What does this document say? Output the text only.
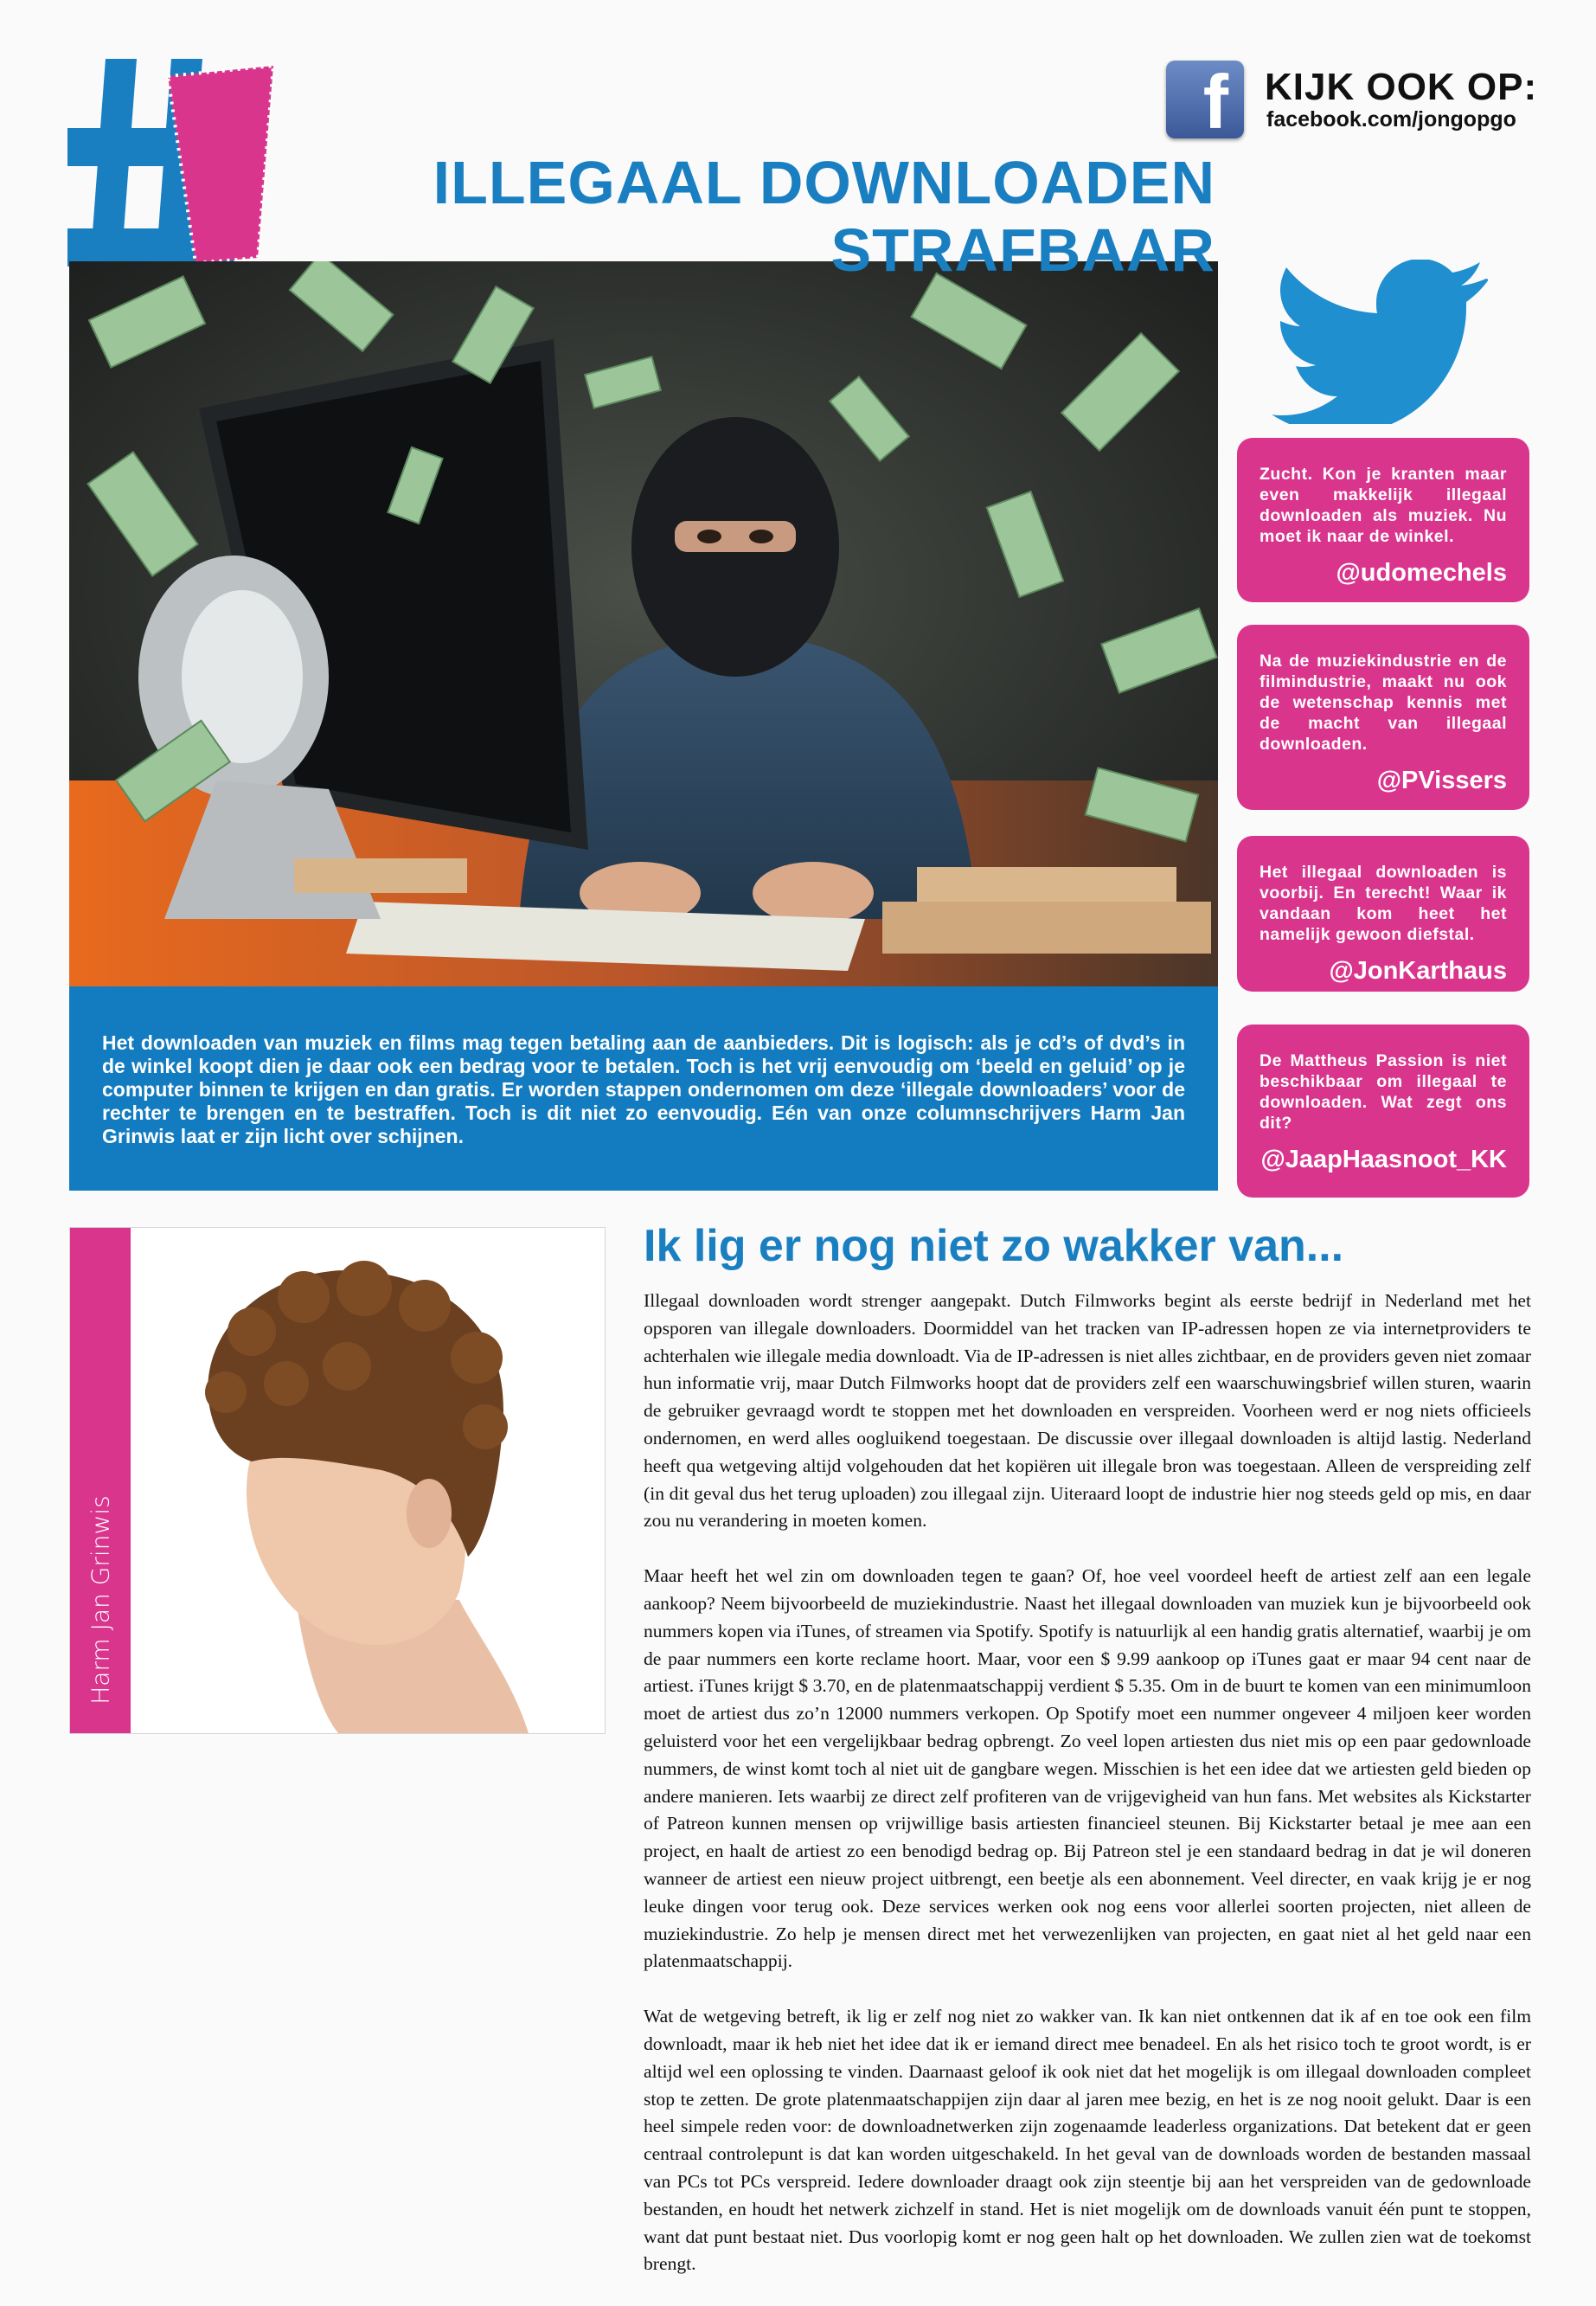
ILLEGAAL DOWNLOADEN
STRAFBAAR
f KIJK OOK OP:
facebook.com/jongopgo

Zucht. Kon je kranten maar even makkelijk illegaal downloaden als muziek. Nu moet ik naar de winkel.

@udomechels

Na de muziekindustrie en de filmindustrie, maakt nu ook de wetenschap kennis met de macht van illegaal downloaden.

@PVissers

Het illegaal downloaden is voorbij. En terecht! Waar ik vandaan kom heet het namelijk gewoon diefstal.

@JonKarthaus

De Mattheus Passion is niet beschikbaar om illegaal te downloaden. Wat zegt ons dit?

@JaapHaasnoot_KK
Het downloaden van muziek en films mag tegen betaling aan de aanbieders. Dit is logisch: als je cd’s of dvd’s in de winkel koopt dien je daar ook een bedrag voor te betalen. Toch is het vrij eenvoudig om ‘beeld en geluid’ op je computer binnen te krijgen en dan gratis. Er worden stappen ondernomen om deze ‘illegale downloaders’ voor de rechter te brengen en te bestraffen. Toch is dit niet zo eenvoudig. Eén van onze columnschrijvers Harm Jan Grinwis laat er zijn licht over schijnen.
Harm Jan Grinwis
Ik lig er nog niet zo wakker van...

Illegaal downloaden wordt strenger aangepakt. Dutch Filmworks begint als eerste bedrijf in Nederland met het opsporen van illegale downloaders. Doormiddel van het tracken van IP-adressen hopen ze via internetproviders te achterhalen wie illegale media downloadt. Via de IP-adressen is niet alles zichtbaar, en de providers geven niet zomaar hun informatie vrij, maar Dutch Filmworks hoopt dat de providers zelf een waarschuwingsbrief willen sturen, waarin de gebruiker gevraagd wordt te stoppen met het downloaden en verspreiden. Voorheen werd er nog niets officieels ondernomen, en werd alles oogluikend toegestaan. De discussie over illegaal downloaden is altijd lastig. Nederland heeft qua wetgeving altijd volgehouden dat het kopiëren uit illegale bron was toegestaan. Alleen de verspreiding zelf (in dit geval dus het terug uploaden) zou illegaal zijn. Uiteraard loopt de industrie hier nog steeds geld op mis, en daar zou nu verandering in moeten komen.

Maar heeft het wel zin om downloaden tegen te gaan? Of, hoe veel voordeel heeft de artiest zelf aan een legale aankoop? Neem bijvoorbeeld de muziekindustrie. Naast het illegaal downloaden van muziek kun je bijvoorbeeld ook nummers kopen via iTunes, of streamen via Spotify. Spotify is natuurlijk al een handig gratis alternatief, waarbij je om de paar nummers een korte reclame hoort. Maar, voor een $ 9.99 aankoop op iTunes gaat er maar 94 cent naar de artiest. iTunes krijgt $ 3.70, en de platenmaatschappij verdient $ 5.35. Om in de buurt te komen van een minimumloon moet de artiest dus zo’n 12000 nummers verkopen. Op Spotify moet een nummer ongeveer 4 miljoen keer worden geluisterd voor het een vergelijkbaar bedrag opbrengt. Zo veel lopen artiesten dus niet mis op een paar gedownloade nummers, de winst komt toch al niet uit de gangbare wegen. Misschien is het een idee dat we artiesten geld bieden op andere manieren. Iets waarbij ze direct zelf profiteren van de vrijgevigheid van hun fans. Met websites als Kickstarter of Patreon kunnen mensen op vrijwillige basis artiesten financieel steunen. Bij Kickstarter betaal je mee aan een project, en haalt de artiest zo een benodigd bedrag op. Bij Patreon stel je een standaard bedrag in dat je wil doneren wanneer de artiest een nieuw project uitbrengt, een beetje als een abonnement. Veel directer, en vaak krijg je er nog leuke dingen voor terug ook. Deze services werken ook nog eens voor allerlei soorten projecten, niet alleen de muziekindustrie. Zo help je mensen direct met het verwezenlijken van projecten, en gaat niet al het geld naar een platenmaatschappij.

Wat de wetgeving betreft, ik lig er zelf nog niet zo wakker van. Ik kan niet ontkennen dat ik af en toe ook een film downloadt, maar ik heb niet het idee dat ik er iemand direct mee benadeel. En als het risico toch te groot wordt, is er altijd wel een oplossing te vinden. Daarnaast geloof ik ook niet dat het mogelijk is om illegaal downloaden compleet stop te zetten. De grote platenmaatschappijen zijn daar al jaren mee bezig, en het is ze nog nooit gelukt. Daar is een heel simpele reden voor: de downloadnetwerken zijn zogenaamde leaderless organizations. Dat betekent dat er geen centraal controlepunt is dat kan worden uitgeschakeld. In het geval van de downloads worden de bestanden massaal van PCs tot PCs verspreid. Iedere downloader draagt ook zijn steentje bij aan het verspreiden van de gedownloade bestanden, en houdt het netwerk zichzelf in stand. Het is niet mogelijk om de downloads vanuit één punt te stoppen, want dat punt bestaat niet. Dus voorlopig komt er nog geen halt op het downloaden. We zullen zien wat de toekomst brengt.
